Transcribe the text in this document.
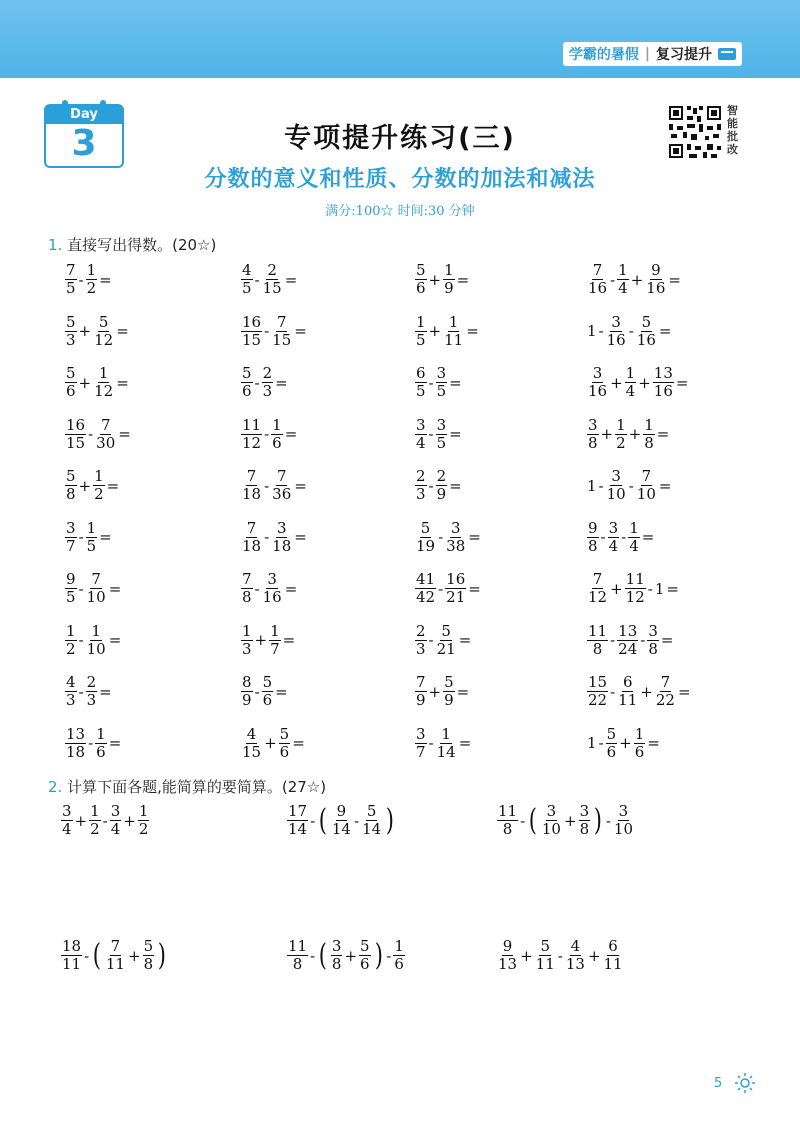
学霸的暑假 | 复习提升
Day
3	专项提升练习(三)
分数的意义和性质、分数的加法和减法
满分:100☆ 时间:30 分钟
智
能
批
改
1. 直接写出得数。(20☆)
2. 计算下面各题,能简算的要简算。(27☆)
$\frac{7}{5} - \frac{1}{2}$ =	$\frac{4}{5} - \frac{2}{15}$ =	$\frac{5}{6} + \frac{1}{9}$ =	$\frac{7}{16} - \frac{1}{4} + \frac{9}{16}$ =
$\frac{5}{3} + \frac{5}{12}$ =	$\frac{16}{15} - \frac{7}{15}$ =	$\frac{1}{5} + \frac{1}{11}$ =	$1 - \frac{3}{16} - \frac{5}{16}$ =
$\frac{5}{6} + \frac{1}{12}$ =	$\frac{5}{6} - \frac{2}{3}$ =	$\frac{6}{5} - \frac{3}{5}$ =	$\frac{3}{16} + \frac{1}{4} + \frac{13}{16}$ =
$\frac{16}{15} - \frac{7}{30}$ =	$\frac{11}{12} - \frac{1}{6}$ =	$\frac{3}{4} - \frac{3}{5}$ =	$\frac{3}{8} + \frac{1}{2} + \frac{1}{8}$ =
$\frac{5}{8} + \frac{1}{2}$ =	$\frac{7}{18} - \frac{7}{36}$ =	$\frac{2}{3} - \frac{2}{9}$ =	$1 - \frac{3}{10} - \frac{7}{10}$ =
$\frac{3}{7} - \frac{1}{5}$ =	$\frac{7}{18} - \frac{3}{18}$ =	$\frac{5}{19} - \frac{3}{38}$ =	$\frac{9}{8} - \frac{3}{4} - \frac{1}{4}$ =
$\frac{9}{5} - \frac{7}{10}$ =	$\frac{7}{8} - \frac{3}{16}$ =	$\frac{41}{42} - \frac{16}{21}$ =	$\frac{7}{12} + \frac{11}{12} - 1$ =
$\frac{1}{2} - \frac{1}{10}$ =	$\frac{1}{3} + \frac{1}{7}$ =	$\frac{2}{3} - \frac{5}{21}$ =	$\frac{11}{8} - \frac{13}{24} - \frac{3}{8}$ =
$\frac{4}{3} - \frac{2}{3}$ =	$\frac{8}{9} - \frac{5}{6}$ =	$\frac{7}{9} + \frac{5}{9}$ =	$\frac{15}{22} - \frac{6}{11} + \frac{7}{22}$ =
$\frac{13}{18} - \frac{1}{6}$ =	$\frac{4}{15} + \frac{5}{6}$ =	$\frac{3}{7} - \frac{1}{14}$ =	$1 - \frac{5}{6} + \frac{1}{6}$ =
$\frac{3}{4} + \frac{1}{2} - \frac{3}{4} + \frac{1}{2}$	$\frac{17}{14}$ - ( $\frac{9}{14} - \frac{5}{14}$ )	$\frac{11}{8}$ - ( $\frac{3}{10} + \frac{3}{8}$ ) - $\frac{3}{10}$
$\frac{18}{11}$ - ( $\frac{7}{11} + \frac{5}{8}$ )	$\frac{11}{8}$ - ( $\frac{3}{8} + \frac{5}{6}$ ) - $\frac{1}{6}$	$\frac{9}{13} + \frac{5}{11} - \frac{4}{13} + \frac{6}{11}$
5
